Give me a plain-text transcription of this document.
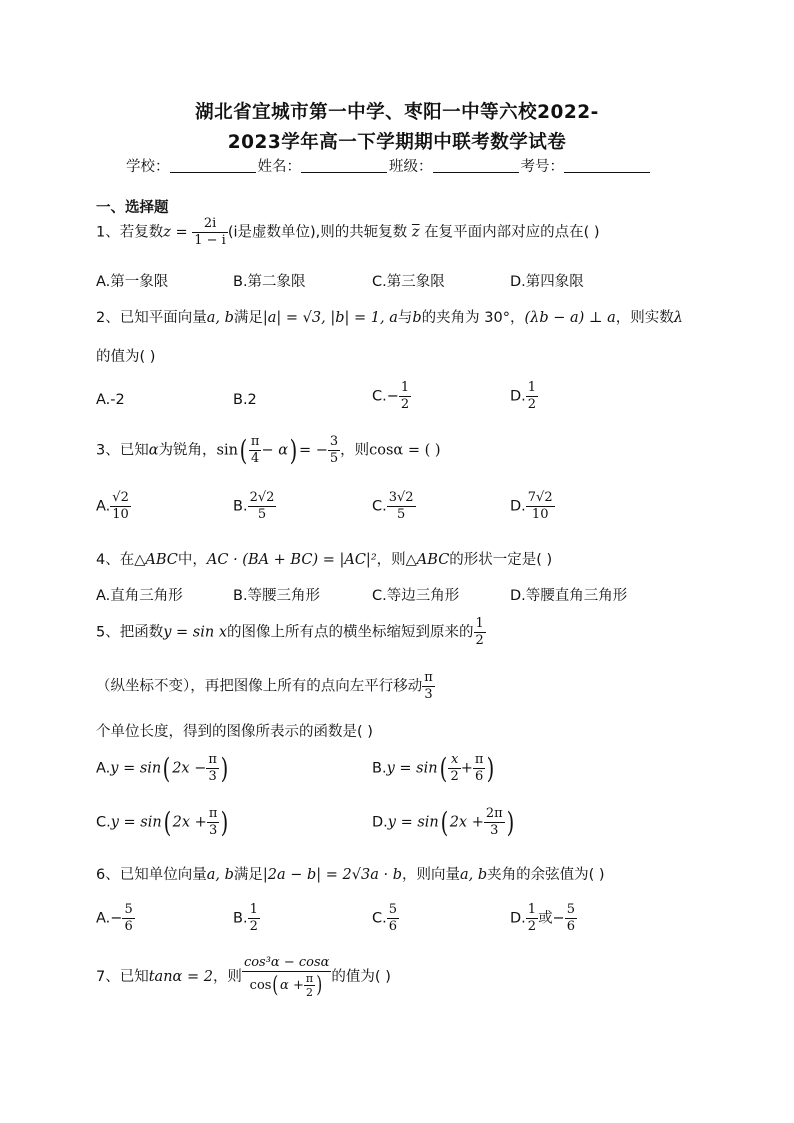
湖北省宜城市第一中学、枣阳一中等六校2022-
2023学年高一下学期期中联考数学试卷
学校：	姓名：	班级：	考号：
一、选择题
1、若复数$z = \frac{2i}{1 - i} (i$是虚数单位),则的共轭复数 $\overline{z}$ 在复平面内部对应的点在( )
A.第一象限	B.第二象限	C.第三象限	D.第四象限
2、已知平面向量a, b满足|a| = √3, |b| = 1, a与b的夹角为 30°，(λb − a) ⊥ a，则实数λ
的值为( )
A.-2	B.2	$C.- \frac{1}{2}$	D. $\frac{1}{2}$
3、已知α为锐角，$\sin( \frac{\pi}{4} - \alpha)$ = − $\frac{3}{5}$ ，则cosα = ( )
A. $\frac{√2}{10}$	B. $\frac{2√2}{5}$	C. $\frac{3√2}{5}$	D. $\frac{7√2}{10}$
4、在△ABC中，AC · (BA + BC) = |AC|²，则△ABC的形状一定是( )
A.直角三角形	B.等腰三角形	C.等边三角形	D.等腰直角三角形
5、把函数y = sin x的图像上所有点的横坐标缩短到原来的 $\frac{1}{2}$
（纵坐标不变），再把图像上所有的点向左平行移动 $\frac{\pi}{3}$
个单位长度，得到的图像所表示的函数是( )
A.y = sin( $2x - \frac{\pi}{3}$ )	$B.y = \sin( \frac{x}{2} + \frac{\pi}{6}$ )
C.y = sin( $2x + \frac{\pi}{3}$ )	D.y = sin( $2x + \frac{2\pi}{3}$ )
6、已知单位向量a, b满足|2a − b| = 2√3a · b，则向量a, b夹角的余弦值为( )
$A.- \frac{5}{6}$	B. $\frac{1}{2}$	C. $\frac{5}{6}$	D. $\frac{1}{2}$ 或− $\frac{5}{6}$
7、已知tanα = 2，则 $\frac{\text{cos³α − cosα}}{\cos(\alpha + \frac{\pi}{2} )}$ 的值为( )
